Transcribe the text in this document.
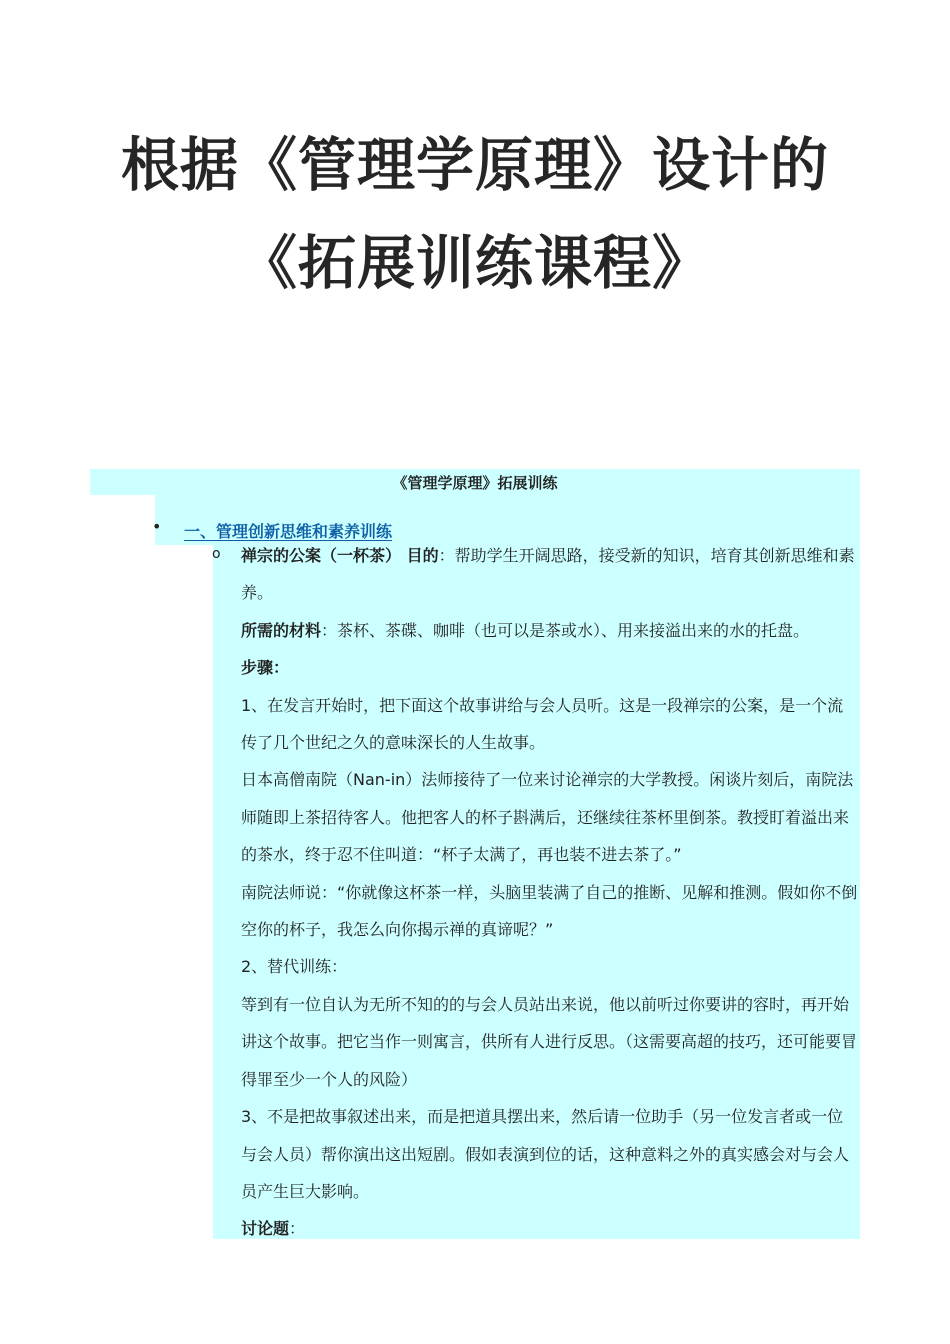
根据《管理学原理》设计的
《拓展训练课程》
《管理学原理》拓展训练
• 一、管理创新思维和素养训练
o 禅宗的公案（一杯茶） 目的：帮助学生开阔思路，接受新的知识，培育其创新思维和素养。

所需的材料：茶杯、茶碟、咖啡（也可以是茶或水）、用来接溢出来的水的托盘。

步骤：

1、在发言开始时，把下面这个故事讲给与会人员听。这是一段禅宗的公案，是一个流传了几个世纪之久的意味深长的人生故事。

日本高僧南院（Nan-in）法师接待了一位来讨论禅宗的大学教授。闲谈片刻后，南院法师随即上茶招待客人。他把客人的杯子斟满后，还继续往茶杯里倒茶。教授盯着溢出来的茶水，终于忍不住叫道：“杯子太满了，再也装不进去茶了。”

南院法师说：“你就像这杯茶一样，头脑里装满了自己的推断、见解和推测。假如你不倒空你的杯子，我怎么向你揭示禅的真谛呢？”

2、替代训练：

等到有一位自认为无所不知的的与会人员站出来说，他以前听过你要讲的容时，再开始讲这个故事。把它当作一则寓言，供所有人进行反思。（这需要高超的技巧，还可能要冒得罪至少一个人的风险）

3、不是把故事叙述出来，而是把道具摆出来，然后请一位助手（另一位发言者或一位与会人员）帮你演出这出短剧。假如表演到位的话，这种意料之外的真实感会对与会人员产生巨大影响。

讨论题：
